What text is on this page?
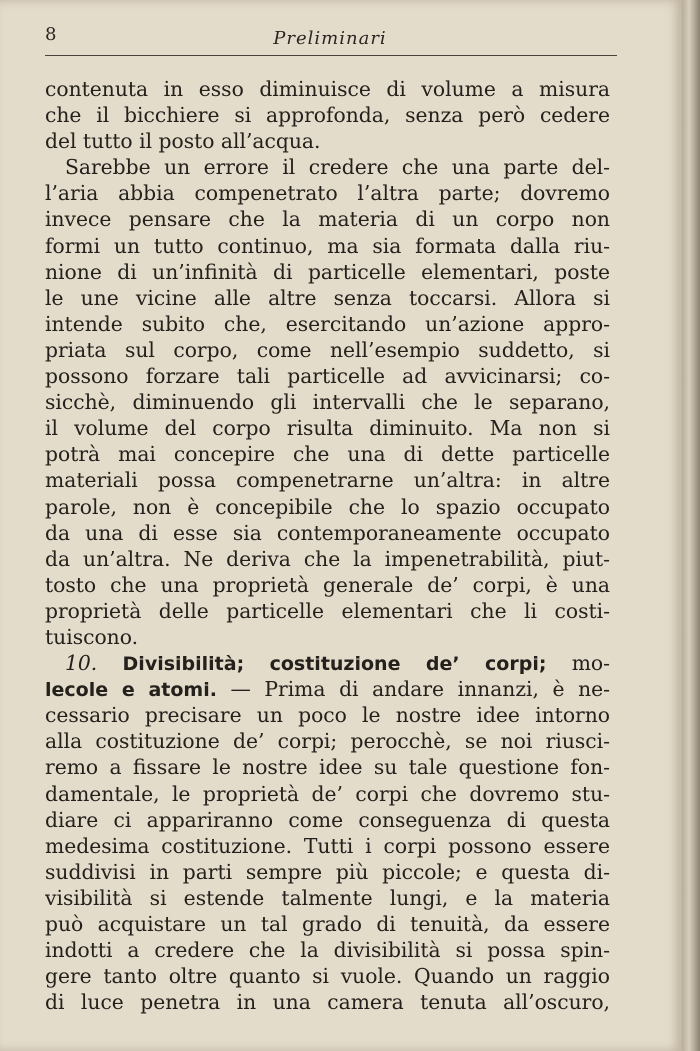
8	Preliminari
contenuta in esso diminuisce di volume a misura
che il bicchiere si approfonda, senza però cedere
del tutto il posto all’acqua.
Sarebbe un errore il credere che una parte del-
l’aria abbia compenetrato l’altra parte; dovremo
invece pensare che la materia di un corpo non
formi un tutto continuo, ma sia formata dalla riu-
nione di un’infinità di particelle elementari, poste
le une vicine alle altre senza toccarsi. Allora si
intende subito che, esercitando un’azione appro-
priata sul corpo, come nell’esempio suddetto, si
possono forzare tali particelle ad avvicinarsi; co-
sicchè, diminuendo gli intervalli che le separano,
il volume del corpo risulta diminuito. Ma non si
potrà mai concepire che una di dette particelle
materiali possa compenetrarne un’altra: in altre
parole, non è concepibile che lo spazio occupato
da una di esse sia contemporaneamente occupato
da un’altra. Ne deriva che la impenetrabilità, piut-
tosto che una proprietà generale de’ corpi, è una
proprietà delle particelle elementari che li costi-
tuiscono.
10. Divisibilità; costituzione de’ corpi; mo-
lecole e atomi. — Prima di andare innanzi, è ne-
cessario precisare un poco le nostre idee intorno
alla costituzione de’ corpi; perocchè, se noi riusci-
remo a fissare le nostre idee su tale questione fon-
damentale, le proprietà de’ corpi che dovremo stu-
diare ci appariranno come conseguenza di questa
medesima costituzione. Tutti i corpi possono essere
suddivisi in parti sempre più piccole; e questa di-
visibilità si estende talmente lungi, e la materia
può acquistare un tal grado di tenuità, da essere
indotti a credere che la divisibilità si possa spin-
gere tanto oltre quanto si vuole. Quando un raggio
di luce penetra in una camera tenuta all’oscuro,
